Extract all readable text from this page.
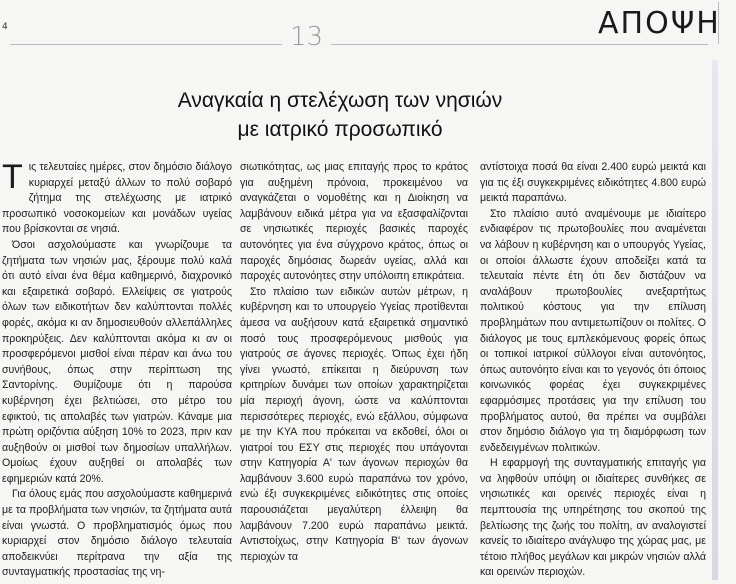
4	13	ΑΠΟΨΗ
Αναγκαία η στελέχωση των νησιών
με ιατρικό προσωπικό

Τις τελευταίες ημέρες, στον δημόσιο διάλογο κυριαρχεί μεταξύ άλλων το πολύ σοβαρό ζήτημα της στελέχωσης με ιατρικό προσωπικό νοσοκομείων και μονάδων υγείας που βρίσκονται σε νησιά.

Όσοι ασχολούμαστε και γνωρίζουμε τα ζητήματα των νησιών μας, ξέρουμε πολύ καλά ότι αυτό είναι ένα θέμα καθημερινό, διαχρονικό και εξαιρετικά σοβαρό. Ελλείψεις σε γιατρούς όλων των ειδικοτήτων δεν καλύπτονται πολλές φορές, ακόμα κι αν δημοσιευθούν αλλεπάλληλες προκηρύξεις. Δεν καλύπτονται ακόμα κι αν οι προσφερόμενοι μισθοί είναι πέραν και άνω του συνήθους, όπως στην περίπτωση της Σαντορίνης. Θυμίζουμε ότι η παρούσα κυβέρνηση έχει βελτιώσει, στο μέτρο του εφικτού, τις απολαβές των γιατρών. Κάναμε μια πρώτη οριζόντια αύξηση 10% το 2023, πριν καν αυξηθούν οι μισθοί των δημοσίων υπαλλήλων. Ομοίως έχουν αυξηθεί οι απολαβές των εφημεριών κατά 20%.

Για όλους εμάς που ασχολούμαστε καθημερινά με τα προβλήματα των νησιών, τα ζητήματα αυτά είναι γνωστά. Ο προβληματισμός όμως που κυριαρχεί στον δημόσιο διάλογο τελευταία αποδεικνύει περίτρανα την αξία της συνταγματικής προστασίας της νη-

σιωτικότητας, ως μιας επιταγής προς το κράτος για αυξημένη πρόνοια, προκειμένου να αναγκάζεται ο νομοθέτης και η Διοίκηση να λαμβάνουν ειδικά μέτρα για να εξασφαλίζονται σε νησιωτικές περιοχές βασικές παροχές αυτονόητες για ένα σύγχρονο κράτος, όπως οι παροχές δημόσιας δωρεάν υγείας, αλλά και παροχές αυτονόητες στην υπόλοιπη επικράτεια.

Στο πλαίσιο των ειδικών αυτών μέτρων, η κυβέρνηση και το υπουργείο Υγείας προτίθενται άμεσα να αυξήσουν κατά εξαιρετικά σημαντικό ποσό τους προσφερόμενους μισθούς για γιατρούς σε άγονες περιοχές. Όπως έχει ήδη γίνει γνωστό, επίκειται η διεύρυνση των κριτηρίων δυνάμει των οποίων χαρακτηρίζεται μία περιοχή άγονη, ώστε να καλύπτονται περισσότερες περιοχές, ενώ εξάλλου, σύμφωνα με την ΚΥΑ που πρόκειται να εκδοθεί, όλοι οι γιατροί του ΕΣΥ στις περιοχές που υπάγονται στην Κατηγορία Α' των άγονων περιοχών θα λαμβάνουν 3.600 ευρώ παραπάνω τον χρόνο, ενώ έξι συγκεκριμένες ειδικότητες στις οποίες παρουσιάζεται μεγαλύτερη έλλειψη θα λαμβάνουν 7.200 ευρώ παραπάνω μεικτά. Αντιστοίχως, στην Κατηγορία Β' των άγονων περιοχών τα

αντίστοιχα ποσά θα είναι 2.400 ευρώ μεικτά και για τις έξι συγκεκριμένες ειδικότητες 4.800 ευρώ μεικτά παραπάνω.

Στο πλαίσιο αυτό αναμένουμε με ιδιαίτερο ενδιαφέρον τις πρωτοβουλίες που αναμένεται να λάβουν η κυβέρνηση και ο υπουργός Υγείας, οι οποίοι άλλωστε έχουν αποδείξει κατά τα τελευταία πέντε έτη ότι δεν διστάζουν να αναλάβουν πρωτοβουλίες ανεξαρτήτως πολιτικού κόστους για την επίλυση προβλημάτων που αντιμετωπίζουν οι πολίτες. Ο διάλογος με τους εμπλεκόμενους φορείς όπως οι τοπικοί ιατρικοί σύλλογοι είναι αυτονόητος, όπως αυτονόητο είναι και το γεγονός ότι όποιος κοινωνικός φορέας έχει συγκεκριμένες εφαρμόσιμες προτάσεις για την επίλυση του προβλήματος αυτού, θα πρέπει να συμβάλει στον δημόσιο διάλογο για τη διαμόρφωση των ενδεδειγμένων πολιτικών.

Η εφαρμογή της συνταγματικής επιταγής για να ληφθούν υπόψη οι ιδιαίτερες συνθήκες σε νησιωτικές και ορεινές περιοχές είναι η πεμπτουσία της υπηρέτησης του σκοπού της βελτίωσης της ζωής του πολίτη, αν αναλογιστεί κανείς το ιδιαίτερο ανάγλυφο της χώρας μας, με τέτοιο πλήθος μεγάλων και μικρών νησιών αλλά και ορεινών περιοχών.
